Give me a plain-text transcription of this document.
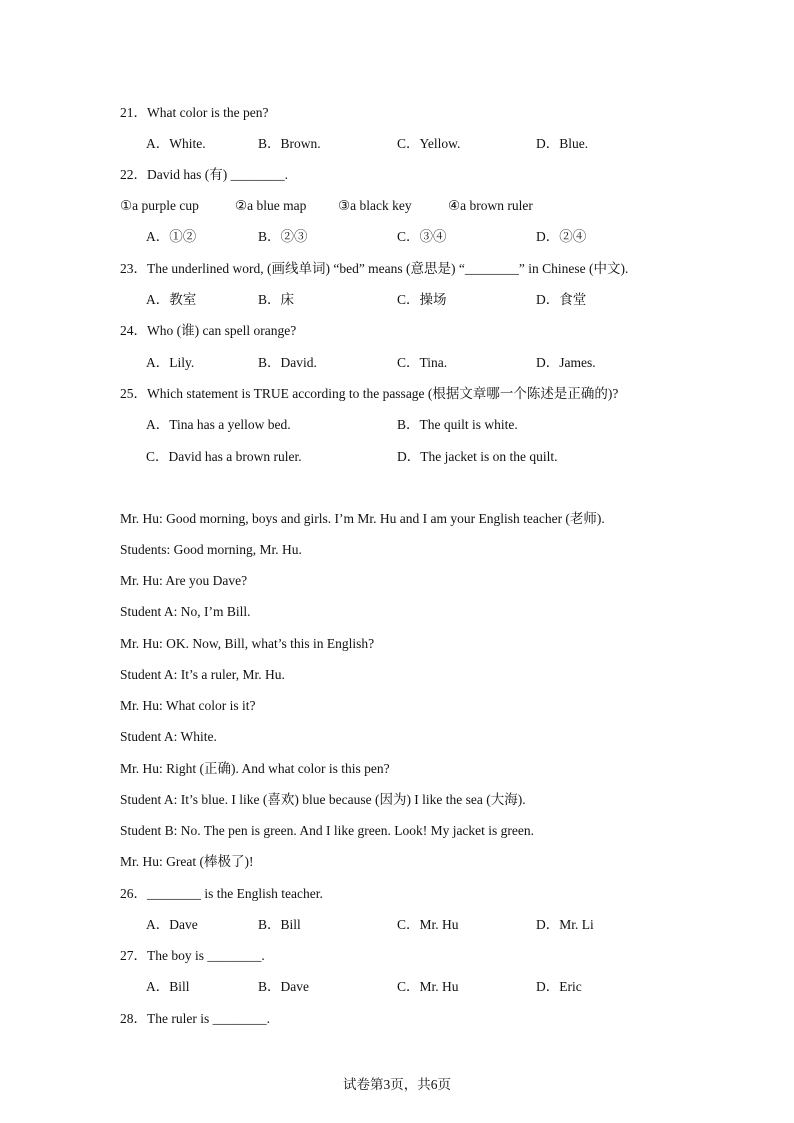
21．What color is the pen?
A．White.	B．Brown.	C．Yellow.	D．Blue.
22．David has (有) ________.
①a purple cup	②a blue map ③a black key	④a brown ruler
A．①②	B．②③	C．③④	D．②④
23．The underlined word, (画线单词) “bed” means (意思是) “________” in Chinese (中文).
A．教室	B．床	C．操场	D．食堂
24．Who (谁) can spell orange?
A．Lily.	B．David.	C．Tina.	D．James.
25．Which statement is TRUE according to the passage (根据文章哪一个陈述是正确的)?
A．Tina has a yellow bed.	B．The quilt is white.
C．David has a brown ruler.	D．The jacket is on the quilt.
Mr. Hu: Good morning, boys and girls. I’m Mr. Hu and I am your English teacher (老师).
Students: Good morning, Mr. Hu.
Mr. Hu: Are you Dave?
Student A: No, I’m Bill.
Mr. Hu: OK. Now, Bill, what’s this in English?
Student A: It’s a ruler, Mr. Hu.
Mr. Hu: What color is it?
Student A: White.
Mr. Hu: Right (正确). And what color is this pen?
Student A: It’s blue. I like (喜欢) blue because (因为) I like the sea (大海).
Student B: No. The pen is green. And I like green. Look! My jacket is green.
Mr. Hu: Great (棒极了)!
26．________ is the English teacher.
A．Dave	B．Bill	C．Mr. Hu	D．Mr. Li
27．The boy is ________.
A．Bill	B．Dave	C．Mr. Hu	D．Eric
28．The ruler is ________.
试卷第3页，共6页
